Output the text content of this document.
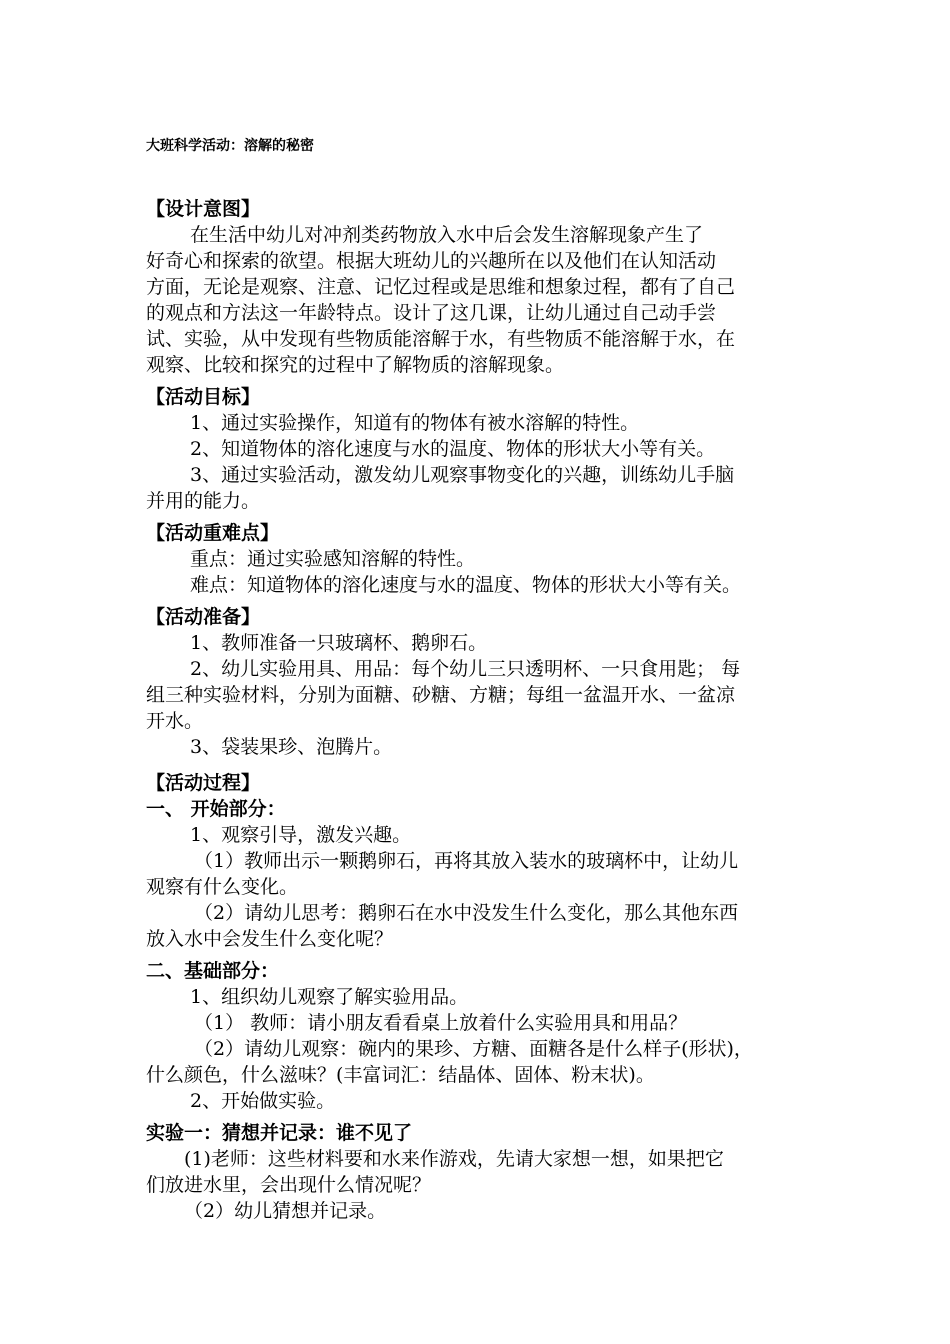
大班科学活动：溶解的秘密
【设计意图】
在生活中幼儿对冲剂类药物放入水中后会发生溶解现象产生了
好奇心和探索的欲望。根据大班幼儿的兴趣所在以及他们在认知活动
方面，无论是观察、注意、记忆过程或是思维和想象过程，都有了自己
的观点和方法这一年龄特点。设计了这几课，让幼儿通过自己动手尝
试、实验，从中发现有些物质能溶解于水，有些物质不能溶解于水，在
观察、比较和探究的过程中了解物质的溶解现象。
【活动目标】
1、通过实验操作，知道有的物体有被水溶解的特性。
2、知道物体的溶化速度与水的温度、物体的形状大小等有关。
3、通过实验活动，激发幼儿观察事物变化的兴趣，训练幼儿手脑
并用的能力。
【活动重难点】
重点：通过实验感知溶解的特性。
难点：知道物体的溶化速度与水的温度、物体的形状大小等有关。
【活动准备】
1、教师准备一只玻璃杯、鹅卵石。
2、幼儿实验用具、用品：每个幼儿三只透明杯、一只食用匙； 每
组三种实验材料，分别为面糖、砂糖、方糖；每组一盆温开水、一盆凉
开水。
3、袋装果珍、泡腾片。
【活动过程】
一、 开始部分：
1、观察引导，激发兴趣。
（1）教师出示一颗鹅卵石，再将其放入装水的玻璃杯中，让幼儿
观察有什么变化。
（2）请幼儿思考：鹅卵石在水中没发生什么变化，那么其他东西
放入水中会发生什么变化呢？
二、基础部分：
1、组织幼儿观察了解实验用品。
（1） 教师：请小朋友看看桌上放着什么实验用具和用品？
（2）请幼儿观察：碗内的果珍、方糖、面糖各是什么样子(形状)，
什么颜色，什么滋味？(丰富词汇：结晶体、固体、粉末状)。
2、开始做实验。
实验一：猜想并记录：谁不见了
(1)老师：这些材料要和水来作游戏，先请大家想一想，如果把它
们放进水里，会出现什么情况呢？
（2）幼儿猜想并记录。
